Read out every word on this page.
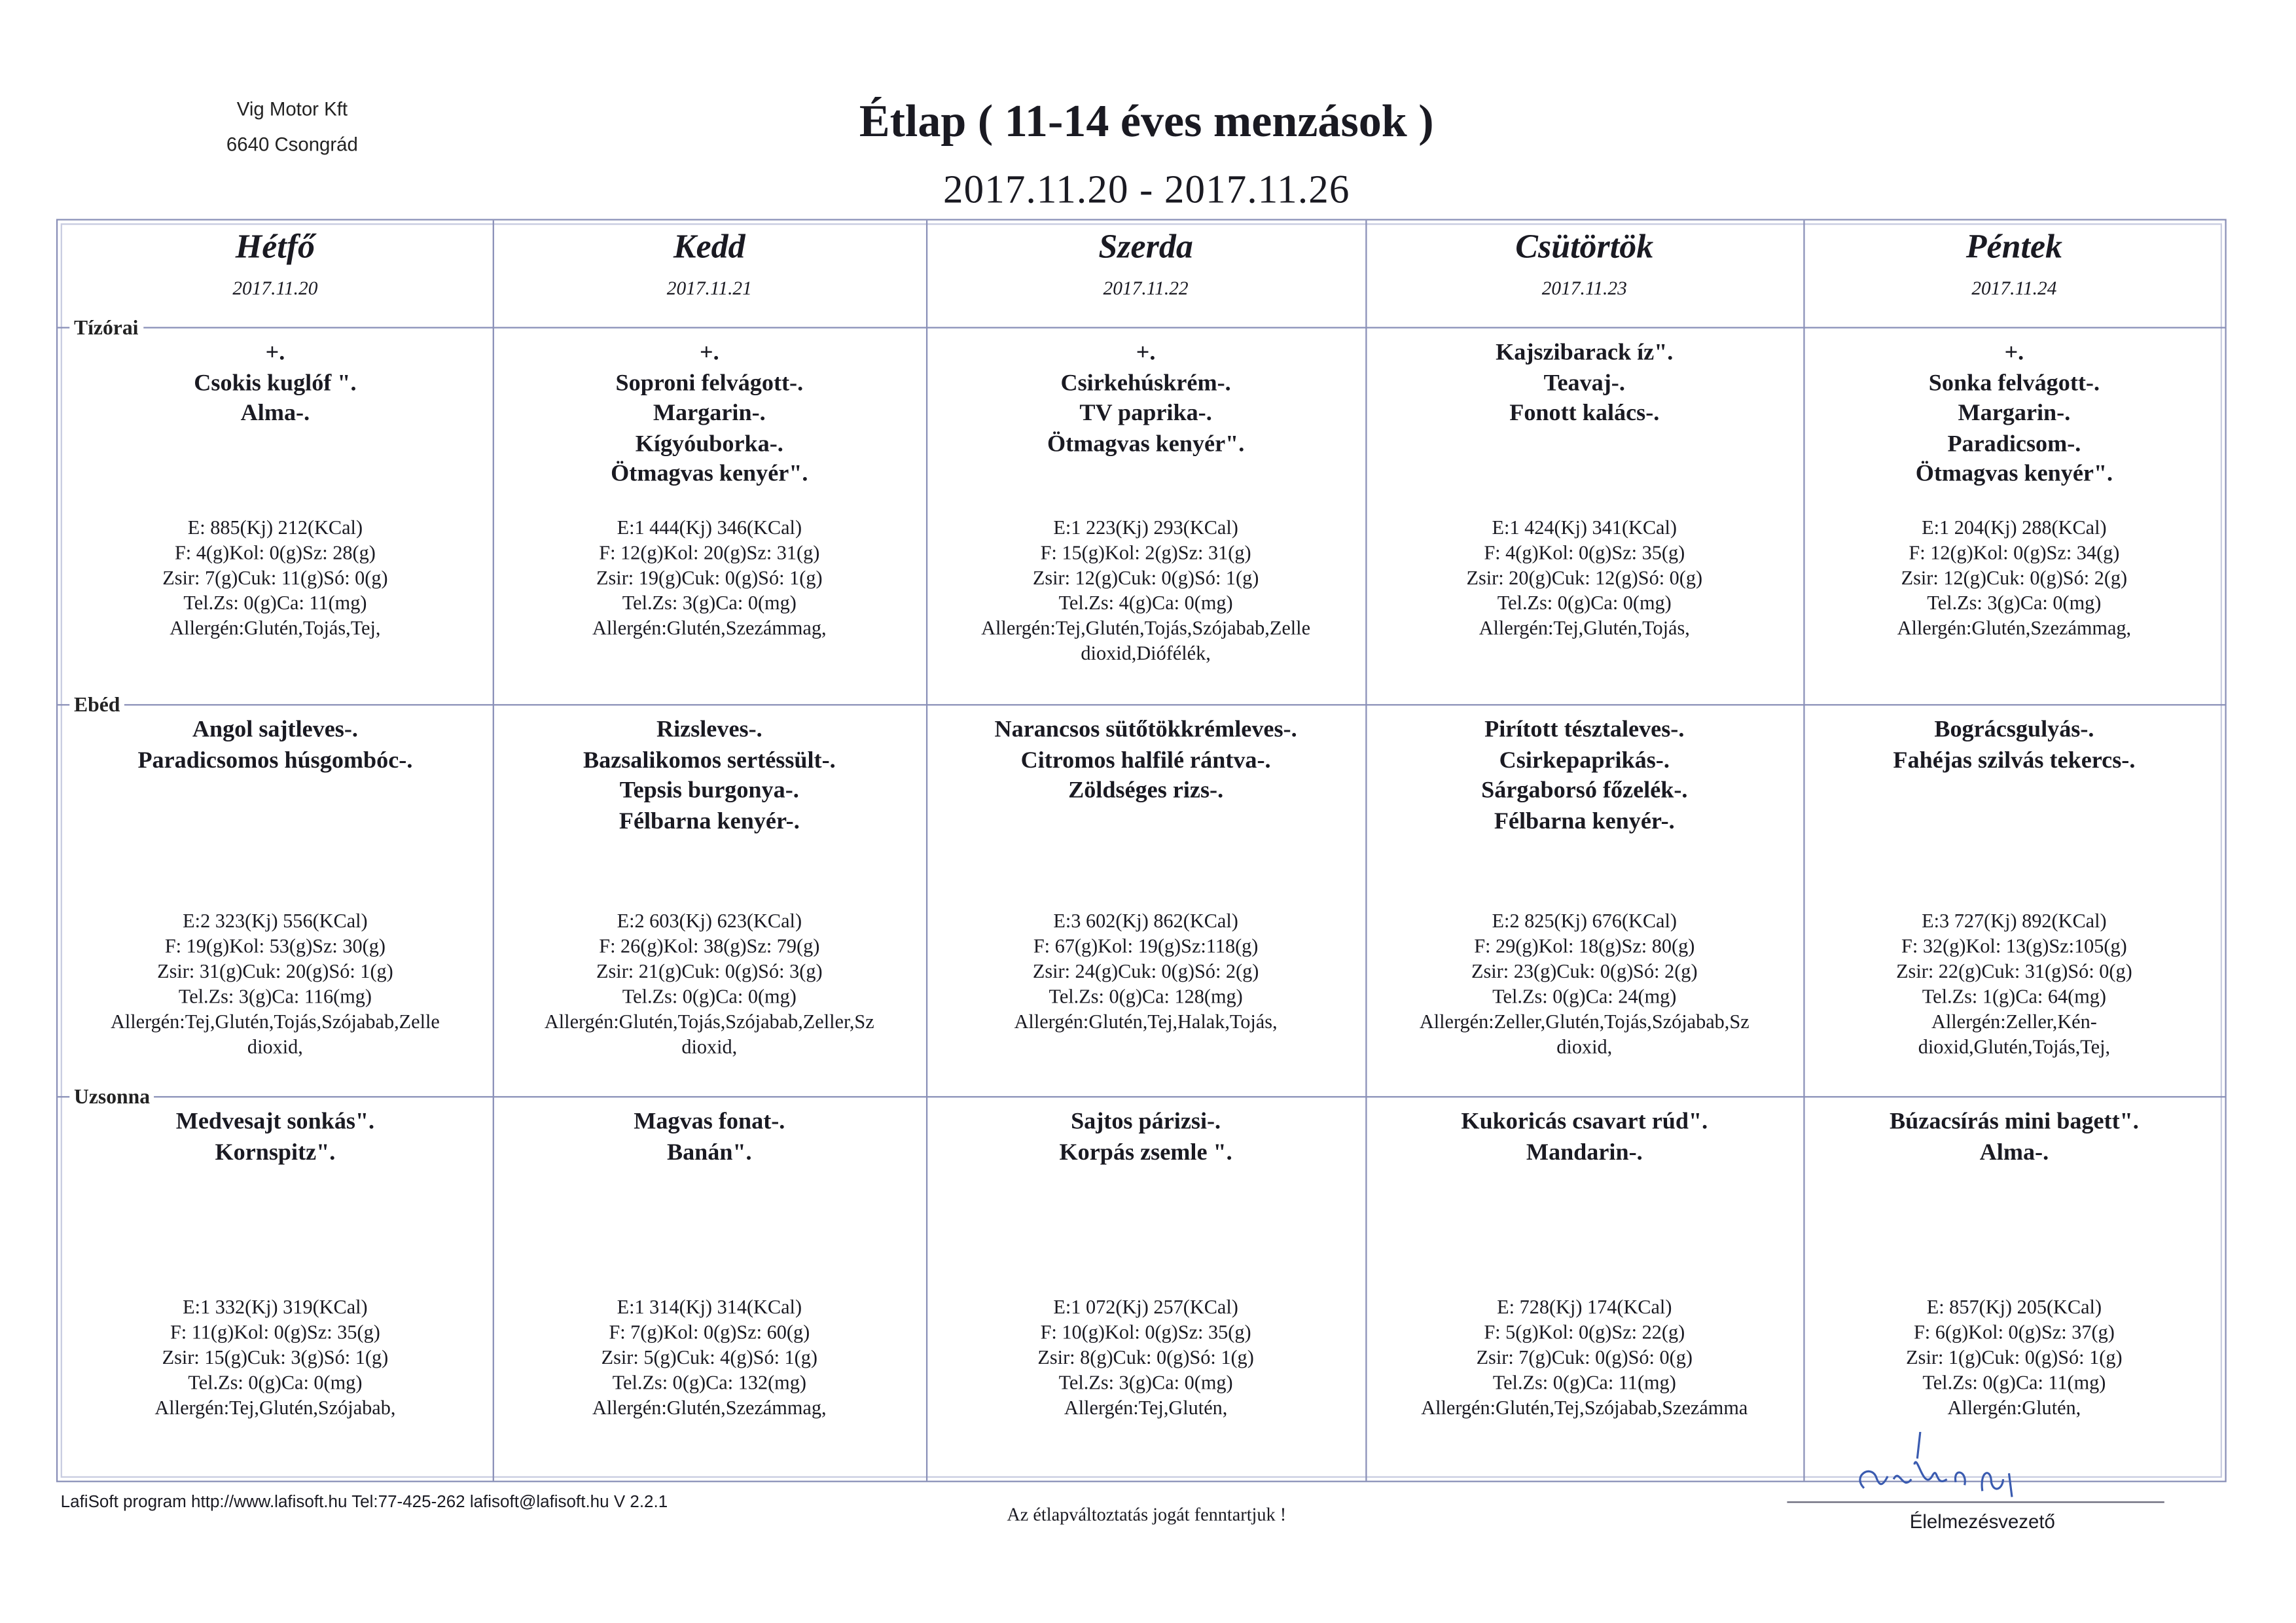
Vig Motor Kft
6640 Csongrád	Étlap ( 11-14 éves menzások )
2017.11.20 - 2017.11.26
Hétfő
2017.11.20
Kedd
2017.11.21
Szerda
2017.11.22
Csütörtök
2017.11.23
Péntek
2017.11.24
+.
Csokis kuglóf ".
Alma-.
E: 885(Kj) 212(KCal)
F: 4(g)Kol: 0(g)Sz: 28(g)
Zsir: 7(g)Cuk: 11(g)Só: 0(g)
Tel.Zs: 0(g)Ca: 11(mg)
Allergén:Glutén,Tojás,Tej,
+.
Soproni felvágott-.
Margarin-.
Kígyóuborka-.
Ötmagvas kenyér".
E:1 444(Kj) 346(KCal)
F: 12(g)Kol: 20(g)Sz: 31(g)
Zsir: 19(g)Cuk: 0(g)Só: 1(g)
Tel.Zs: 3(g)Ca: 0(mg)
Allergén:Glutén,Szezámmag,
+.
Csirkehúskrém-.
TV paprika-.
Ötmagvas kenyér".
E:1 223(Kj) 293(KCal)
F: 15(g)Kol: 2(g)Sz: 31(g)
Zsir: 12(g)Cuk: 0(g)Só: 1(g)
Tel.Zs: 4(g)Ca: 0(mg)
Allergén:Tej,Glutén,Tojás,Szójabab,Zelle
dioxid,Diófélék,
Kajszibarack íz".
Teavaj-.
Fonott kalács-.
E:1 424(Kj) 341(KCal)
F: 4(g)Kol: 0(g)Sz: 35(g)
Zsir: 20(g)Cuk: 12(g)Só: 0(g)
Tel.Zs: 0(g)Ca: 0(mg)
Allergén:Tej,Glutén,Tojás,
+.
Sonka felvágott-.
Margarin-.
Paradicsom-.
Ötmagvas kenyér".
E:1 204(Kj) 288(KCal)
F: 12(g)Kol: 0(g)Sz: 34(g)
Zsir: 12(g)Cuk: 0(g)Só: 2(g)
Tel.Zs: 3(g)Ca: 0(mg)
Allergén:Glutén,Szezámmag,
Tízórai
Angol sajtleves-.
Paradicsomos húsgombóc-.
E:2 323(Kj) 556(KCal)
F: 19(g)Kol: 53(g)Sz: 30(g)
Zsir: 31(g)Cuk: 20(g)Só: 1(g)
Tel.Zs: 3(g)Ca: 116(mg)
Allergén:Tej,Glutén,Tojás,Szójabab,Zelle
dioxid,
Rizsleves-.
Bazsalikomos sertéssült-.
Tepsis burgonya-.
Félbarna kenyér-.
E:2 603(Kj) 623(KCal)
F: 26(g)Kol: 38(g)Sz: 79(g)
Zsir: 21(g)Cuk: 0(g)Só: 3(g)
Tel.Zs: 0(g)Ca: 0(mg)
Allergén:Glutén,Tojás,Szójabab,Zeller,Sz
dioxid,
Narancsos sütőtökkrémleves-.
Citromos halfilé rántva-.
Zöldséges rizs-.
E:3 602(Kj) 862(KCal)
F: 67(g)Kol: 19(g)Sz:118(g)
Zsir: 24(g)Cuk: 0(g)Só: 2(g)
Tel.Zs: 0(g)Ca: 128(mg)
Allergén:Glutén,Tej,Halak,Tojás,
Pirított tésztaleves-.
Csirkepaprikás-.
Sárgaborsó főzelék-.
Félbarna kenyér-.
E:2 825(Kj) 676(KCal)
F: 29(g)Kol: 18(g)Sz: 80(g)
Zsir: 23(g)Cuk: 0(g)Só: 2(g)
Tel.Zs: 0(g)Ca: 24(mg)
Allergén:Zeller,Glutén,Tojás,Szójabab,Sz
dioxid,
Bográcsgulyás-.
Fahéjas szilvás tekercs-.
E:3 727(Kj) 892(KCal)
F: 32(g)Kol: 13(g)Sz:105(g)
Zsir: 22(g)Cuk: 31(g)Só: 0(g)
Tel.Zs: 1(g)Ca: 64(mg)
Allergén:Zeller,Kén-
dioxid,Glutén,Tojás,Tej,
Ebéd
Medvesajt sonkás".
Kornspitz".
E:1 332(Kj) 319(KCal)
F: 11(g)Kol: 0(g)Sz: 35(g)
Zsir: 15(g)Cuk: 3(g)Só: 1(g)
Tel.Zs: 0(g)Ca: 0(mg)
Allergén:Tej,Glutén,Szójabab,
Magvas fonat-.
Banán".
E:1 314(Kj) 314(KCal)
F: 7(g)Kol: 0(g)Sz: 60(g)
Zsir: 5(g)Cuk: 4(g)Só: 1(g)
Tel.Zs: 0(g)Ca: 132(mg)
Allergén:Glutén,Szezámmag,
Sajtos párizsi-.
Korpás zsemle ".
E:1 072(Kj) 257(KCal)
F: 10(g)Kol: 0(g)Sz: 35(g)
Zsir: 8(g)Cuk: 0(g)Só: 1(g)
Tel.Zs: 3(g)Ca: 0(mg)
Allergén:Tej,Glutén,
Kukoricás csavart rúd".
Mandarin-.
E: 728(Kj) 174(KCal)
F: 5(g)Kol: 0(g)Sz: 22(g)
Zsir: 7(g)Cuk: 0(g)Só: 0(g)
Tel.Zs: 0(g)Ca: 11(mg)
Allergén:Glutén,Tej,Szójabab,Szezámma
Búzacsírás mini bagett".
Alma-.
E: 857(Kj) 205(KCal)
F: 6(g)Kol: 0(g)Sz: 37(g)
Zsir: 1(g)Cuk: 0(g)Só: 1(g)
Tel.Zs: 0(g)Ca: 11(mg)
Allergén:Glutén,
Uzsonna
LafiSoft program http://www.lafisoft.hu Tel:77-425-262 lafisoft@lafisoft.hu V 2.2.1
Az étlapváltoztatás jogát fenntartjuk !	Élelmezésvezető
